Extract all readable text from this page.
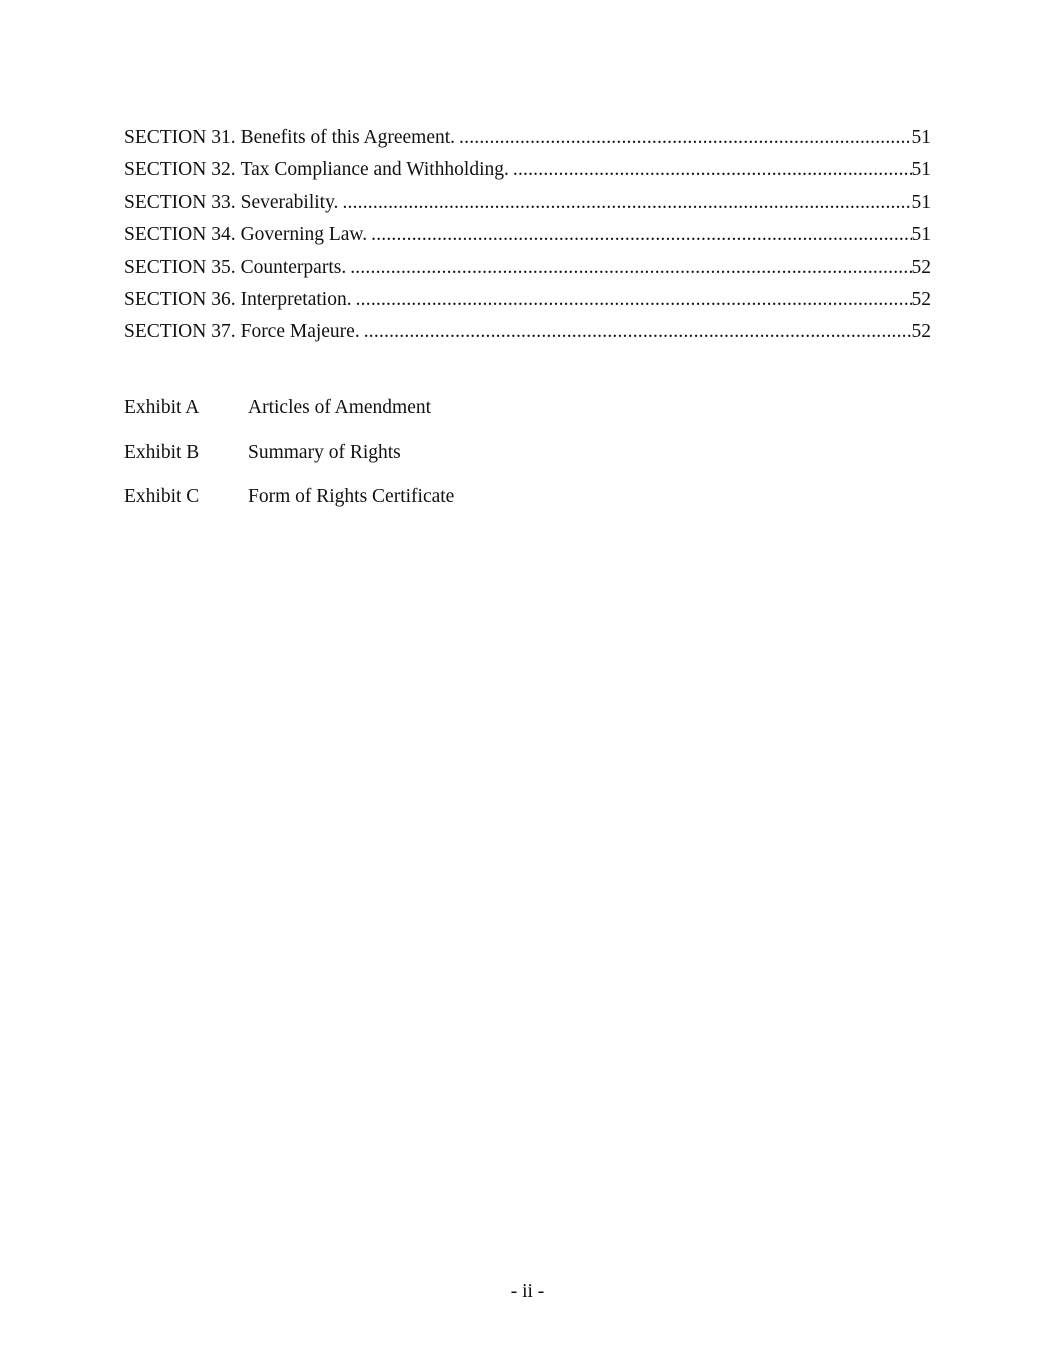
SECTION 31. Benefits of this Agreement. .....	51
SECTION 32. Tax Compliance and Withholding. .....	51
SECTION 33. Severability. .....	51
SECTION 34. Governing Law. .....	51
SECTION 35. Counterparts. .....	52
SECTION 36. Interpretation. .....	52
SECTION 37. Force Majeure. .....	52
Exhibit A	Articles of Amendment
Exhibit B	Summary of Rights
Exhibit C	Form of Rights Certificate
- ii -
